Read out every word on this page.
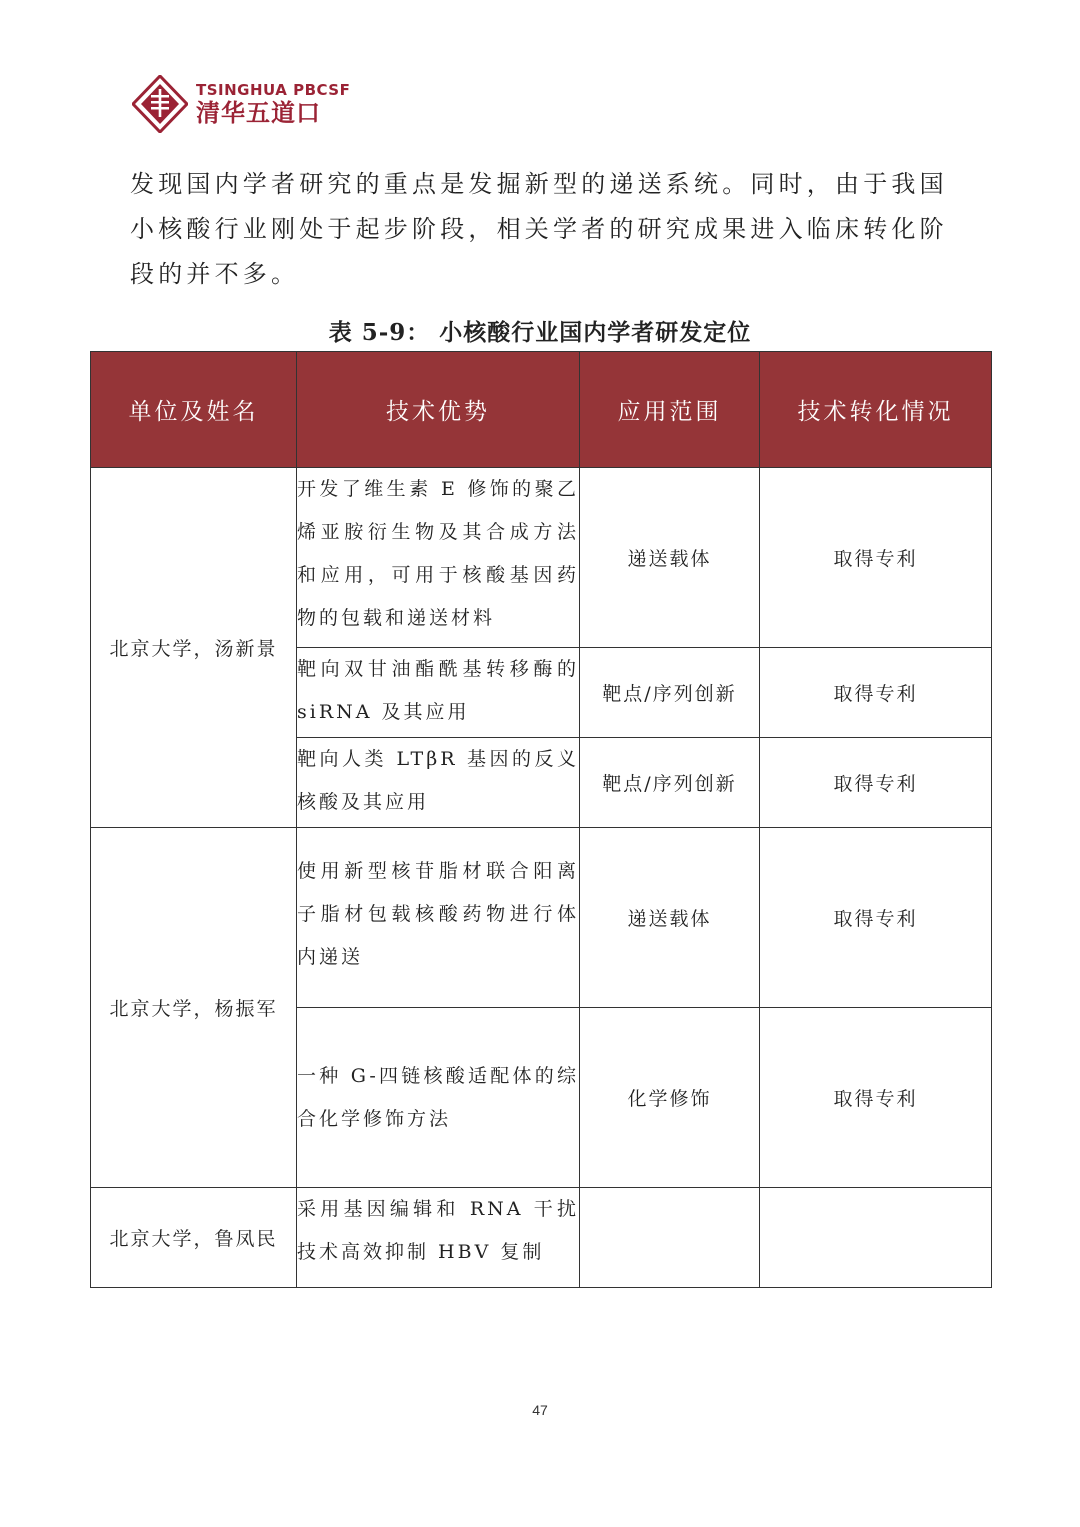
TSINGHUA PBCSF
清华五道口

发现国内学者研究的重点是发掘新型的递送系统。同时，由于我国

小核酸行业刚处于起步阶段，相关学者的研究成果进入临床转化阶

段的并不多。

表 5-9： 小核酸行业国内学者研发定位
单位及姓名	技术优势	应用范围	技术转化情况
北京大学，汤新景	开发了维生素 E 修饰的聚乙烯亚胺衍生物及其合成方法和应用，可用于核酸基因药物的包载和递送材料	递送载体	取得专利
	靶向双甘油酯酰基转移酶的 siRNA 及其应用	靶点/序列创新	取得专利
	靶向人类 LTβR 基因的反义核酸及其应用	靶点/序列创新	取得专利
北京大学，杨振军	使用新型核苷脂材联合阳离子脂材包载核酸药物进行体内递送	递送载体	取得专利
	一种 G-四链核酸适配体的综合化学修饰方法	化学修饰	取得专利
北京大学，鲁凤民	采用基因编辑和 RNA 干扰技术高效抑制 HBV 复制		
47
